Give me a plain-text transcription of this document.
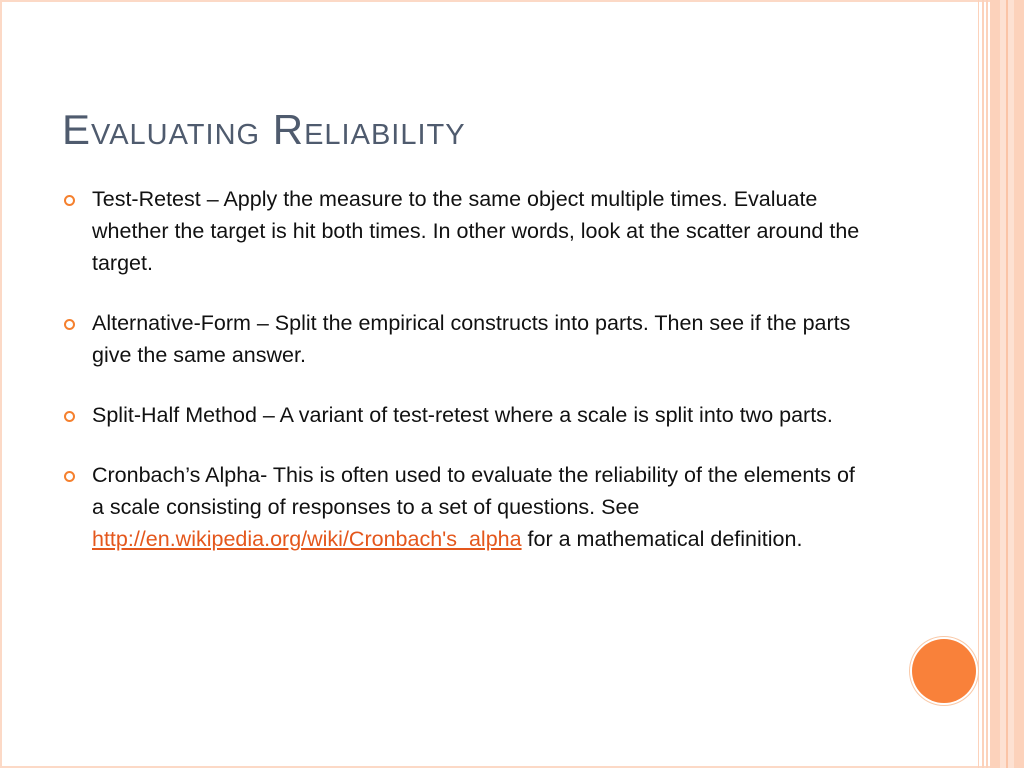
Evaluating Reliability
Test-Retest – Apply the measure to the same object multiple times. Evaluate whether the target is hit both times. In other words, look at the scatter around the target.
Alternative-Form – Split the empirical constructs into parts. Then see if the parts give the same answer.
Split-Half Method – A variant of test-retest where a scale is split into two parts.
Cronbach’s Alpha- This is often used to evaluate the reliability of the elements of a scale consisting of responses to a set of questions. See http://en.wikipedia.org/wiki/Cronbach's_alpha for a mathematical definition.
